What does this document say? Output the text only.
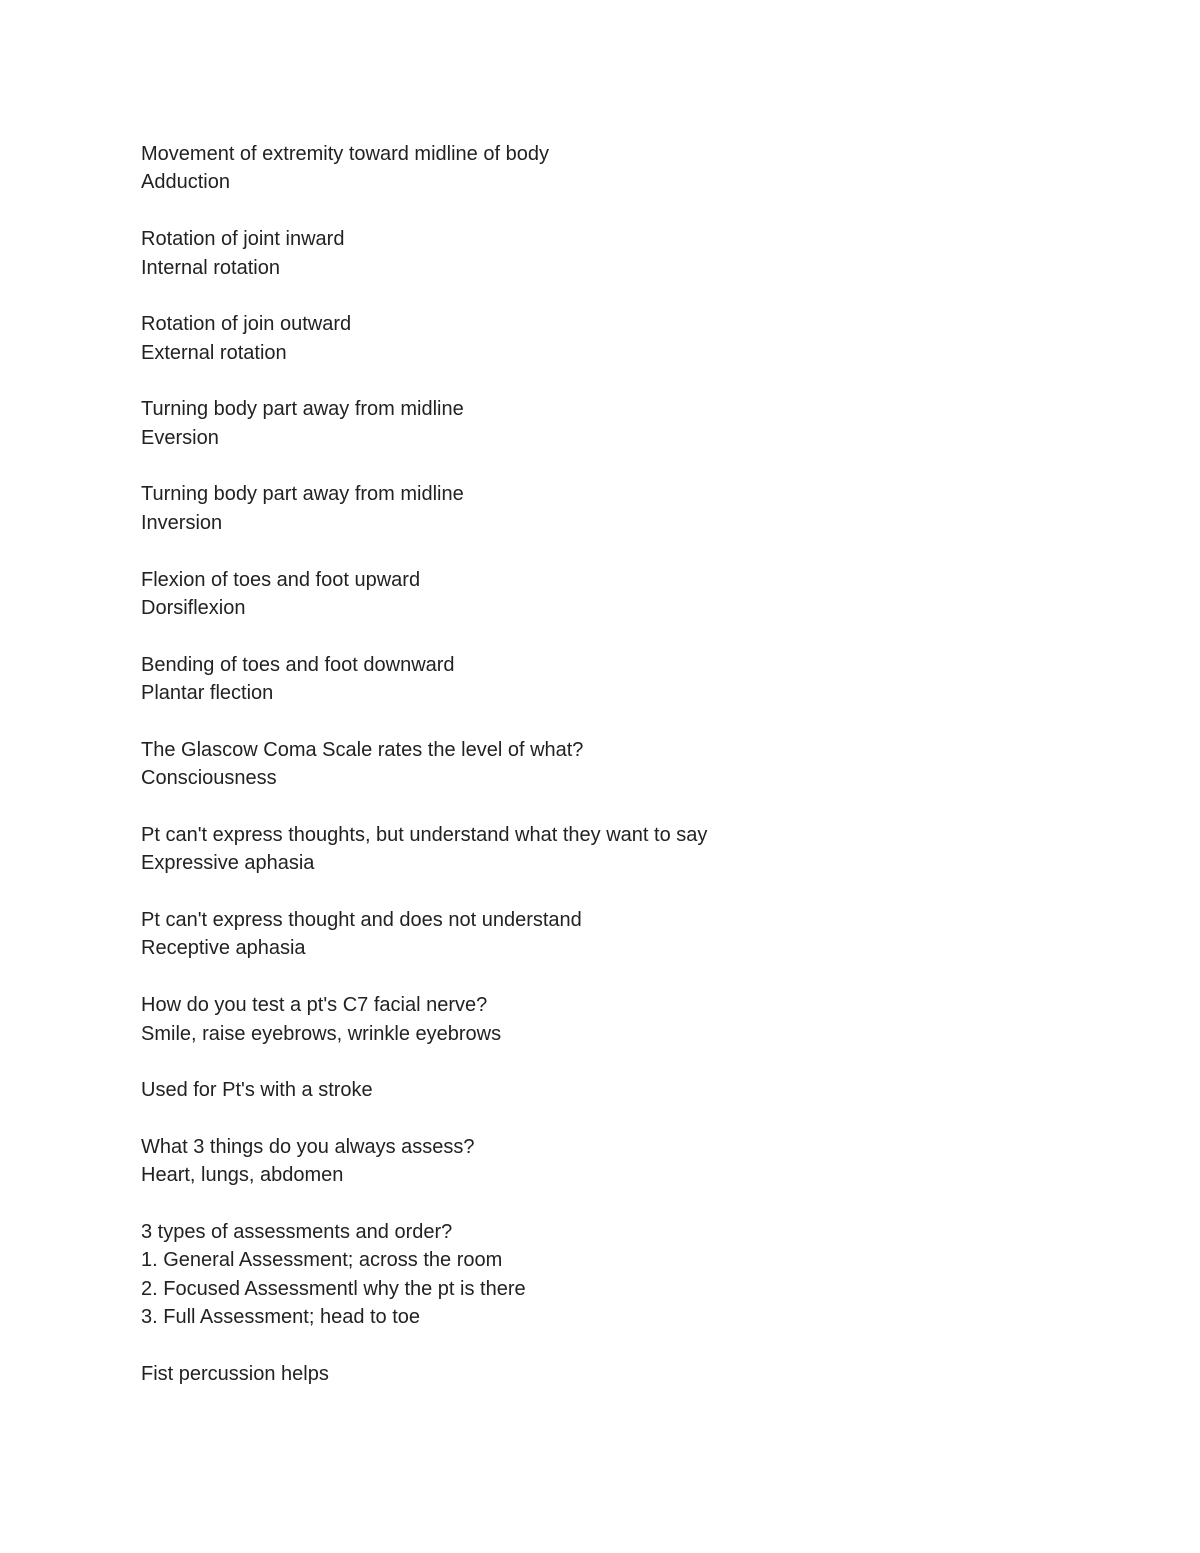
Movement of extremity toward midline of body
Adduction
Rotation of joint inward
Internal rotation
Rotation of join outward
External rotation
Turning body part away from midline
Eversion
Turning body part away from midline
Inversion
Flexion of toes and foot upward
Dorsiflexion
Bending of toes and foot downward
Plantar flection
The Glascow Coma Scale rates the level of what?
Consciousness
Pt can't express thoughts, but understand what they want to say
Expressive aphasia
Pt can't express thought and does not understand
Receptive aphasia
How do you test a pt's C7 facial nerve?
Smile, raise eyebrows, wrinkle eyebrows
Used for Pt's with a stroke
What 3 things do you always assess?
Heart, lungs, abdomen
3 types of assessments and order?
1. General Assessment; across the room
2. Focused Assessmentl why the pt is there
3. Full Assessment; head to toe
Fist percussion helps
